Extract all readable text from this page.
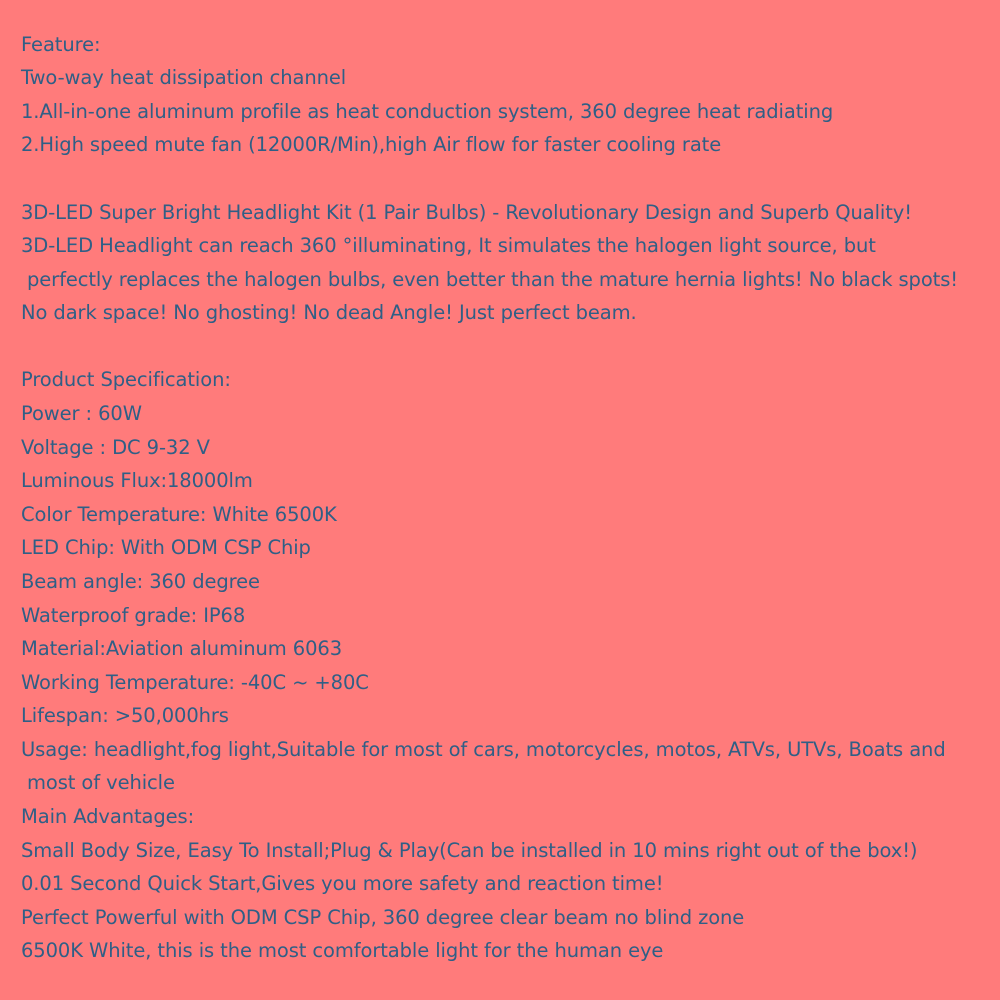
Feature:
Two-way heat dissipation channel
1.All-in-one aluminum profile as heat conduction system, 360 degree heat radiating
2.High speed mute fan (12000R/Min),high Air flow for faster cooling rate
3D-LED Super Bright Headlight Kit (1 Pair Bulbs) - Revolutionary Design and Superb Quality!
3D-LED Headlight can reach 360 °illuminating, It simulates the halogen light source, but
perfectly replaces the halogen bulbs, even better than the mature hernia lights! No black spots!
No dark space! No ghosting! No dead Angle! Just perfect beam.
Product Specification:
Power : 60W
Voltage : DC 9-32 V
Luminous Flux:18000lm
Color Temperature: White 6500K
LED Chip: With ODM CSP Chip
Beam angle: 360 degree
Waterproof grade: IP68
Material:Aviation aluminum 6063
Working Temperature: -40C ~ +80C
Lifespan: >50,000hrs
Usage: headlight,fog light,Suitable for most of cars, motorcycles, motos, ATVs, UTVs, Boats and
most of vehicle
Main Advantages:
Small Body Size, Easy To Install;Plug & Play(Can be installed in 10 mins right out of the box!)
0.01 Second Quick Start,Gives you more safety and reaction time!
Perfect Powerful with ODM CSP Chip, 360 degree clear beam no blind zone
6500K White, this is the most comfortable light for the human eye
